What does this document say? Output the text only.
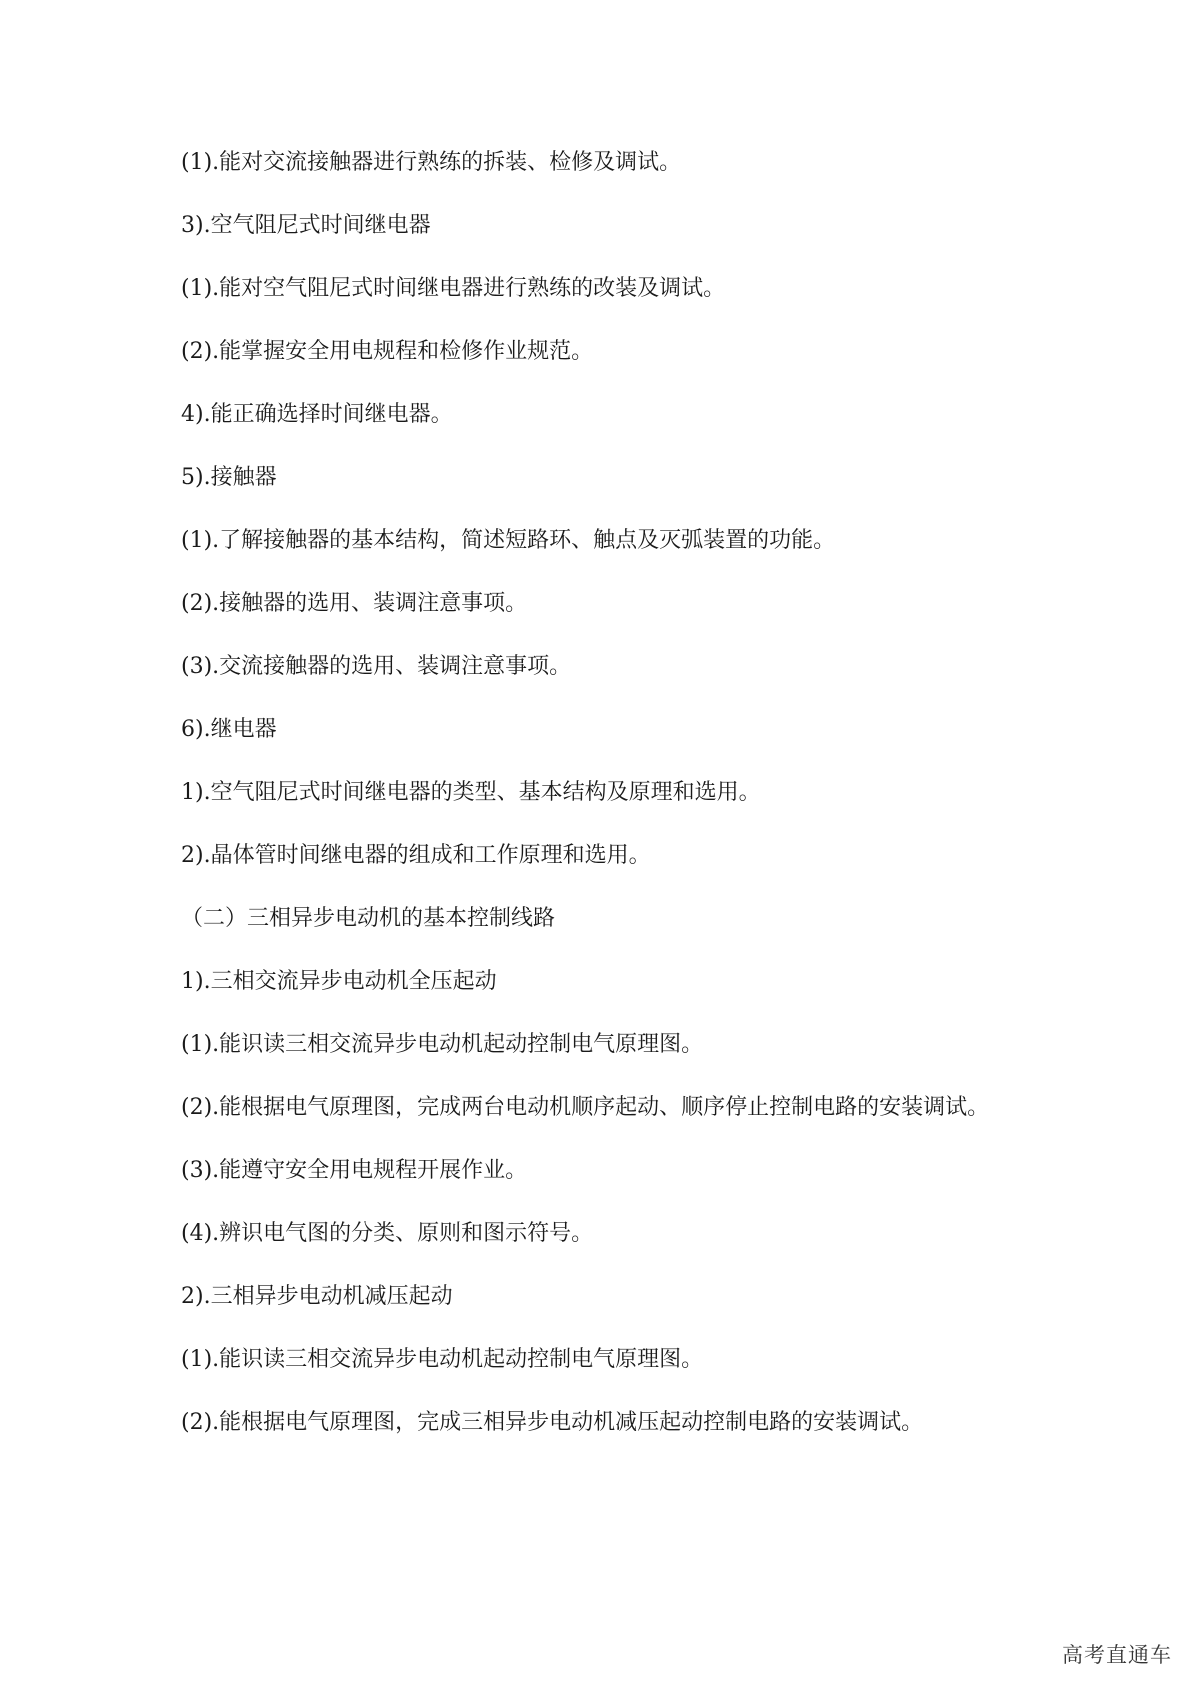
(1).能对交流接触器进行熟练的拆装、检修及调试。

3).空气阻尼式时间继电器

(1).能对空气阻尼式时间继电器进行熟练的改装及调试。

(2).能掌握安全用电规程和检修作业规范。

4).能正确选择时间继电器。

5).接触器

(1).了解接触器的基本结构，简述短路环、触点及灭弧装置的功能。

(2).接触器的选用、装调注意事项。

(3).交流接触器的选用、装调注意事项。

6).继电器

1).空气阻尼式时间继电器的类型、基本结构及原理和选用。

2).晶体管时间继电器的组成和工作原理和选用。

（二）三相异步电动机的基本控制线路

1).三相交流异步电动机全压起动

(1).能识读三相交流异步电动机起动控制电气原理图。

(2).能根据电气原理图，完成两台电动机顺序起动、顺序停止控制电路的安装调试。

(3).能遵守安全用电规程开展作业。

(4).辨识电气图的分类、原则和图示符号。

2).三相异步电动机减压起动

(1).能识读三相交流异步电动机起动控制电气原理图。

(2).能根据电气原理图，完成三相异步电动机减压起动控制电路的安装调试。

高考直通车
